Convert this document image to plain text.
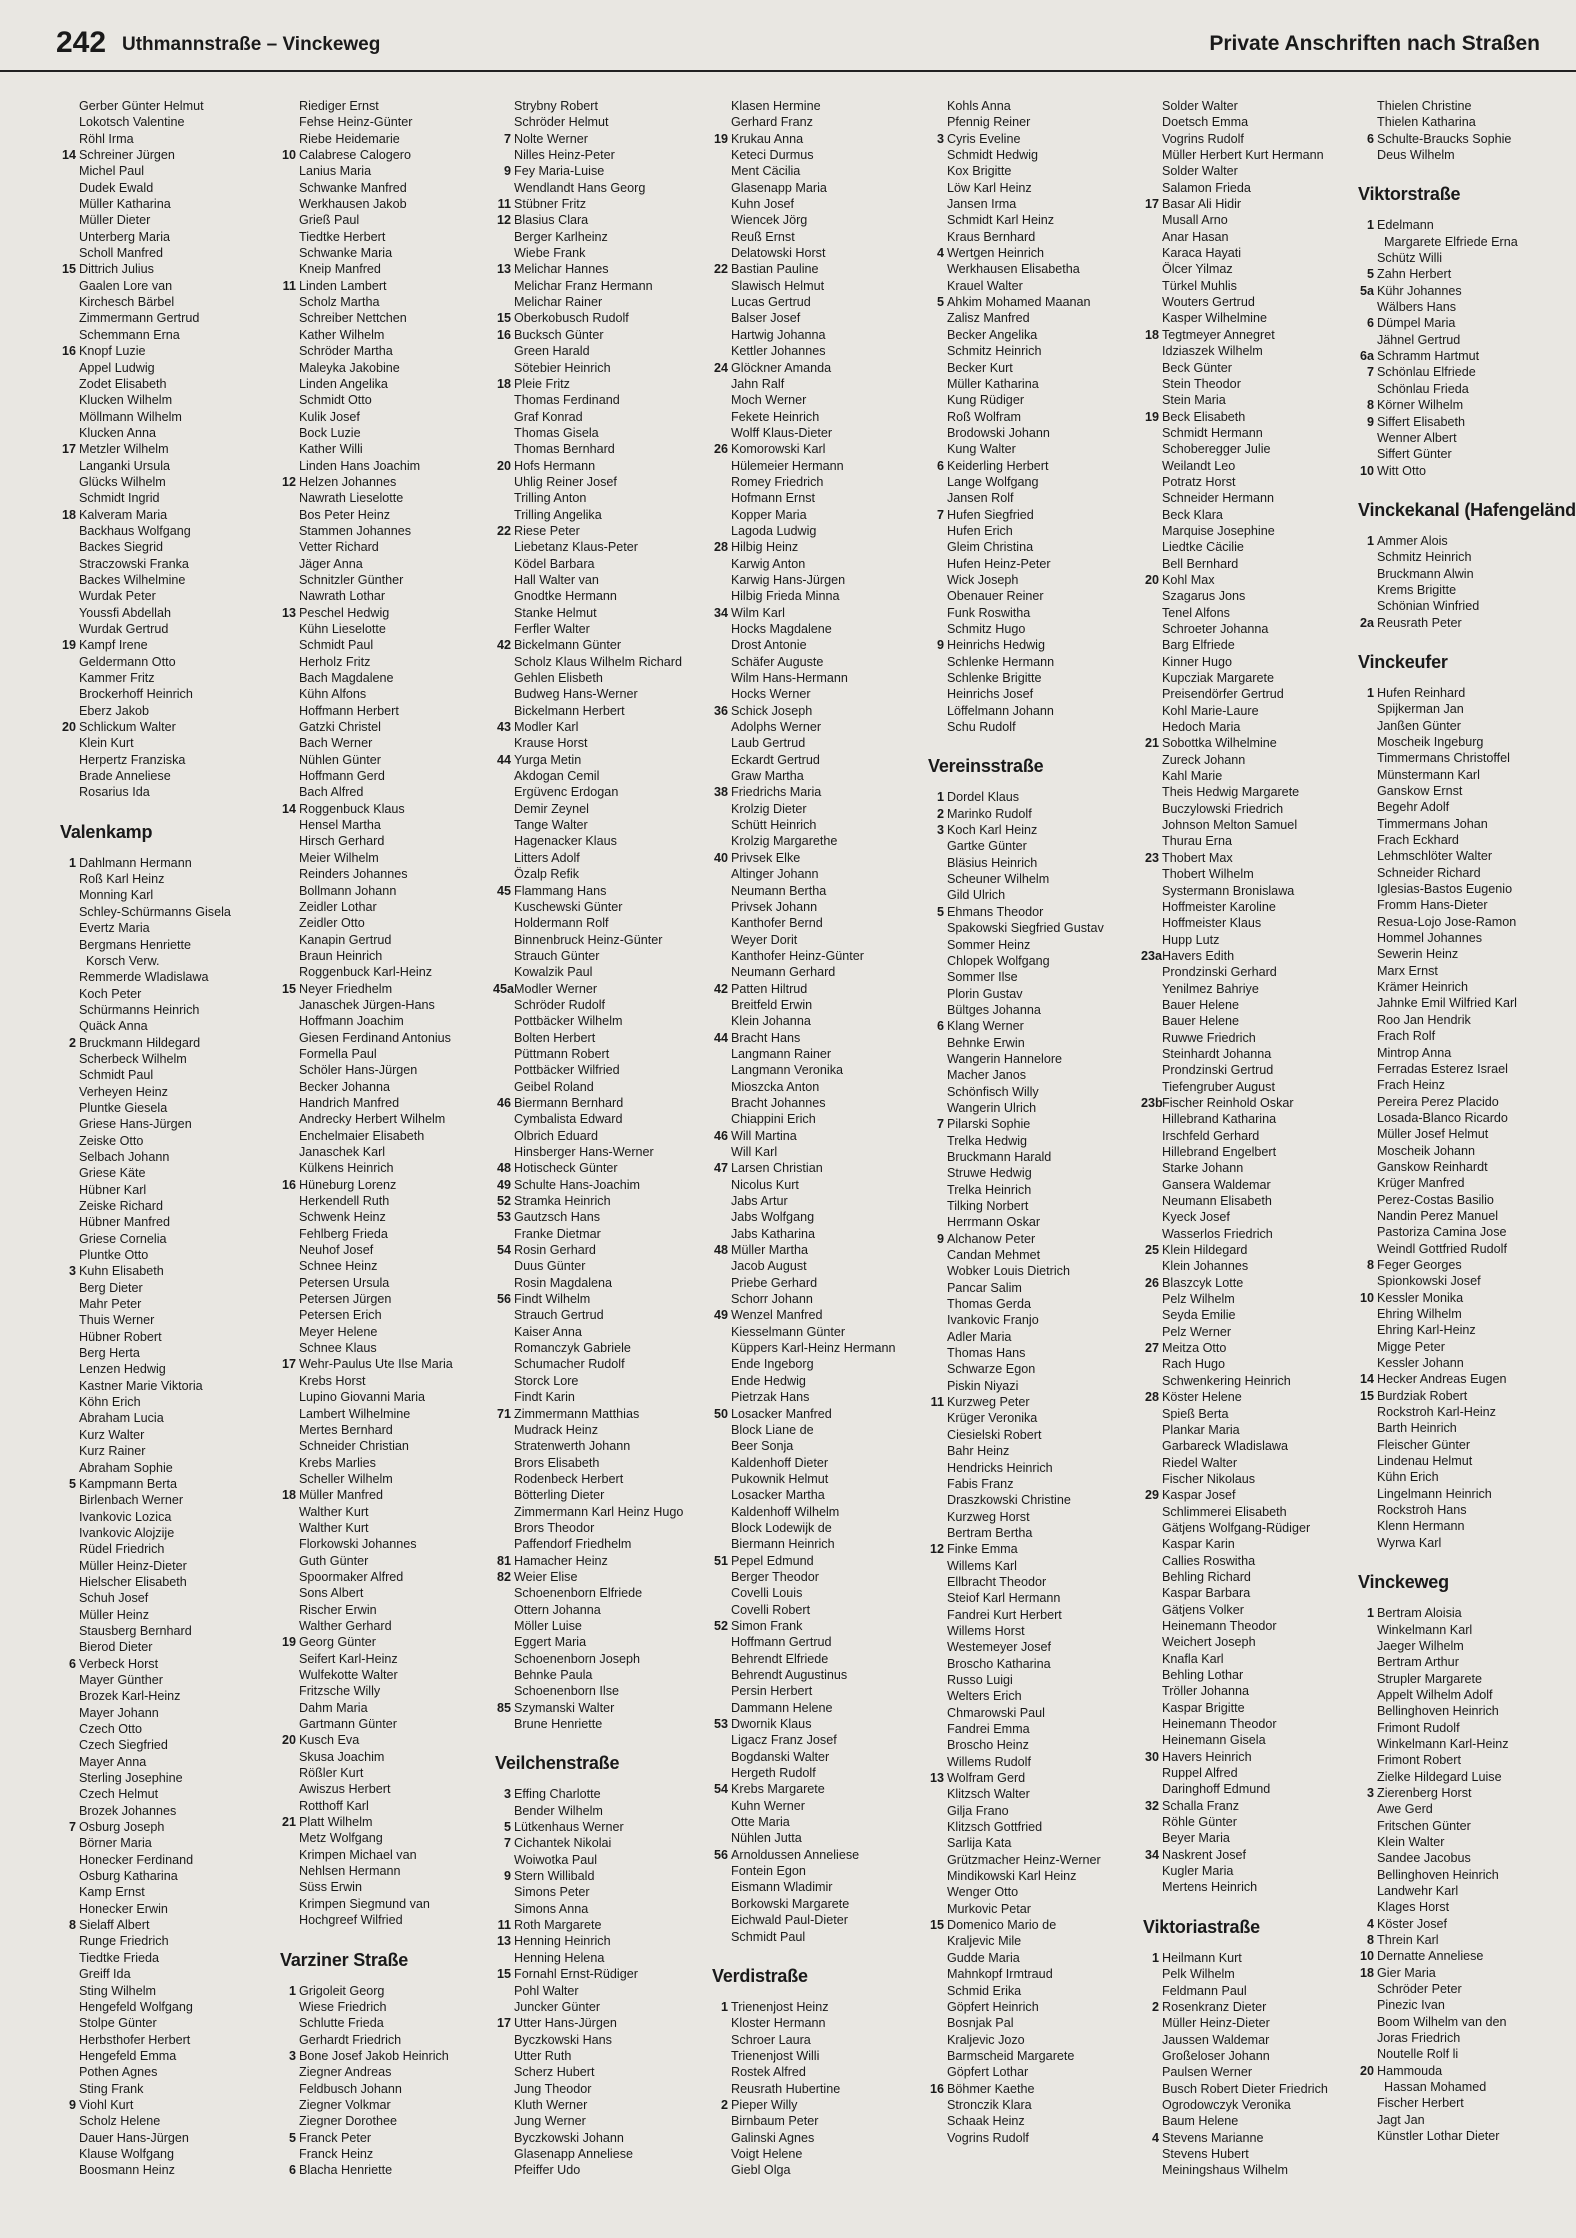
242 Uthmannstraße – Vinckeweg	Private Anschriften nach Straßen
Gerber Günter Helmut
Lokotsch Valentine
Röhl Irma
14 Schreiner Jürgen
Michel Paul
Dudek Ewald
Müller Katharina
Müller Dieter
Unterberg Maria
Scholl Manfred
15 Dittrich Julius
Gaalen Lore van
Kirchesch Bärbel
Zimmermann Gertrud
Schemmann Erna
16 Knopf Luzie
Appel Ludwig
Zodet Elisabeth
Klucken Wilhelm
Möllmann Wilhelm
Klucken Anna
17 Metzler Wilhelm
Langanki Ursula
Glücks Wilhelm
Schmidt Ingrid
18 Kalveram Maria
Backhaus Wolfgang
Backes Siegrid
Straczowski Franka
Backes Wilhelmine
Wurdak Peter
Youssfi Abdellah
Wurdak Gertrud
19 Kampf Irene
Geldermann Otto
Kammer Fritz
Brockerhoff Heinrich
Eberz Jakob
20 Schlickum Walter
Klein Kurt
Herpertz Franziska
Brade Anneliese
Rosarius Ida
Valenkamp
1 Dahlmann Hermann
Roß Karl Heinz
Monning Karl
Schley-Schürmanns Gisela
Evertz Maria
Bergmans Henriette
Korsch Verw.
Remmerde Wladislawa
Koch Peter
Schürmanns Heinrich
Quäck Anna
2 Bruckmann Hildegard
Scherbeck Wilhelm
Schmidt Paul
Verheyen Heinz
Pluntke Giesela
Griese Hans-Jürgen
Zeiske Otto
Selbach Johann
Griese Käte
Hübner Karl
Zeiske Richard
Hübner Manfred
Griese Cornelia
Pluntke Otto
3 Kuhn Elisabeth
Berg Dieter
Mahr Peter
Thuis Werner
Hübner Robert
Berg Herta
Lenzen Hedwig
Kastner Marie Viktoria
Köhn Erich
Abraham Lucia
Kurz Walter
Kurz Rainer
Abraham Sophie
5 Kampmann Berta
Birlenbach Werner
Ivankovic Lozica
Ivankovic Alojzije
Rüdel Friedrich
Müller Heinz-Dieter
Hielscher Elisabeth
Schuh Josef
Müller Heinz
Stausberg Bernhard
Bierod Dieter
6 Verbeck Horst
Mayer Günther
Brozek Karl-Heinz
Mayer Johann
Czech Otto
Czech Siegfried
Mayer Anna
Sterling Josephine
Czech Helmut
Brozek Johannes
7 Osburg Joseph
Börner Maria
Honecker Ferdinand
Osburg Katharina
Kamp Ernst
Honecker Erwin
8 Sielaff Albert
Runge Friedrich
Tiedtke Frieda
Greiff Ida
Sting Wilhelm
Hengefeld Wolfgang
Stolpe Günter
Herbsthofer Herbert
Hengefeld Emma
Pothen Agnes
Sting Frank
9 Viohl Kurt
Scholz Helene
Dauer Hans-Jürgen
Klause Wolfgang
Boosmann Heinz
Riediger Ernst
Fehse Heinz-Günter
Riebe Heidemarie
10 Calabrese Calogero
Lanius Maria
Schwanke Manfred
Werkhausen Jakob
Grieß Paul
Tiedtke Herbert
Schwanke Maria
Kneip Manfred
11 Linden Lambert
Scholz Martha
Schreiber Nettchen
Kather Wilhelm
Schröder Martha
Maleyka Jakobine
Linden Angelika
Schmidt Otto
Kulik Josef
Bock Luzie
Kather Willi
Linden Hans Joachim
12 Helzen Johannes
Nawrath Lieselotte
Bos Peter Heinz
Stammen Johannes
Vetter Richard
Jäger Anna
Schnitzler Günther
Nawrath Lothar
13 Peschel Hedwig
Kühn Lieselotte
Schmidt Paul
Herholz Fritz
Bach Magdalene
Kühn Alfons
Hoffmann Herbert
Gatzki Christel
Bach Werner
Nühlen Günter
Hoffmann Gerd
Bach Alfred
14 Roggenbuck Klaus
Hensel Martha
Hirsch Gerhard
Meier Wilhelm
Reinders Johannes
Bollmann Johann
Zeidler Lothar
Zeidler Otto
Kanapin Gertrud
Braun Heinrich
Roggenbuck Karl-Heinz
15 Neyer Friedhelm
Janaschek Jürgen-Hans
Hoffmann Joachim
Giesen Ferdinand Antonius
Formella Paul
Schöler Hans-Jürgen
Becker Johanna
Handrich Manfred
Andrecky Herbert Wilhelm
Enchelmaier Elisabeth
Janaschek Karl
Külkens Heinrich
16 Hüneburg Lorenz
Herkendell Ruth
Schwenk Heinz
Fehlberg Frieda
Neuhof Josef
Schnee Heinz
Petersen Ursula
Petersen Jürgen
Petersen Erich
Meyer Helene
Schnee Klaus
17 Wehr-Paulus Ute Ilse Maria
Krebs Horst
Lupino Giovanni Maria
Lambert Wilhelmine
Mertes Bernhard
Schneider Christian
Krebs Marlies
Scheller Wilhelm
18 Müller Manfred
Walther Kurt
Walther Kurt
Florkowski Johannes
Guth Günter
Spoormaker Alfred
Sons Albert
Rischer Erwin
Walther Gerhard
19 Georg Günter
Seifert Karl-Heinz
Wulfekotte Walter
Fritzsche Willy
Dahm Maria
Gartmann Günter
20 Kusch Eva
Skusa Joachim
Rößler Kurt
Awiszus Herbert
Rotthoff Karl
21 Platt Wilhelm
Metz Wolfgang
Krimpen Michael van
Nehlsen Hermann
Süss Erwin
Krimpen Siegmund van
Hochgreef Wilfried
Varziner Straße
1 Grigoleit Georg
Wiese Friedrich
Schlutte Frieda
Gerhardt Friedrich
3 Bone Josef Jakob Heinrich
Ziegner Andreas
Feldbusch Johann
Ziegner Volkmar
Ziegner Dorothee
5 Franck Peter
Franck Heinz
6 Blacha Henriette
Strybny Robert
Schröder Helmut
7 Nolte Werner
Nilles Heinz-Peter
9 Fey Maria-Luise
Wendlandt Hans Georg
11 Stübner Fritz
12 Blasius Clara
Berger Karlheinz
Wiebe Frank
13 Melichar Hannes
Melichar Franz Hermann
Melichar Rainer
15 Oberkobusch Rudolf
16 Bucksch Günter
Green Harald
Sötebier Heinrich
18 Pleie Fritz
Thomas Ferdinand
Graf Konrad
Thomas Gisela
Thomas Bernhard
20 Hofs Hermann
Uhlig Reiner Josef
Trilling Anton
Trilling Angelika
22 Riese Peter
Liebetanz Klaus-Peter
Ködel Barbara
Hall Walter van
Gnodtke Hermann
Stanke Helmut
Ferfler Walter
42 Bickelmann Günter
Scholz Klaus Wilhelm Richard
Gehlen Elisbeth
Budweg Hans-Werner
Bickelmann Herbert
43 Modler Karl
Krause Horst
44 Yurga Metin
Akdogan Cemil
Ergüvenc Erdogan
Demir Zeynel
Tange Walter
Hagenacker Klaus
Litters Adolf
Özalp Refik
45 Flammang Hans
Kuschewski Günter
Holdermann Rolf
Binnenbruck Heinz-Günter
Strauch Günter
Kowalzik Paul
45aModler Werner
Schröder Rudolf
Pottbäcker Wilhelm
Bolten Herbert
Püttmann Robert
Pottbäcker Wilfried
Geibel Roland
46 Biermann Bernhard
Cymbalista Edward
Olbrich Eduard
Hinsberger Hans-Werner
48 Hotischeck Günter
49 Schulte Hans-Joachim
52 Stramka Heinrich
53 Gautzsch Hans
Franke Dietmar
54 Rosin Gerhard
Duus Günter
Rosin Magdalena
56 Findt Wilhelm
Strauch Gertrud
Kaiser Anna
Romanczyk Gabriele
Schumacher Rudolf
Storck Lore
Findt Karin
71 Zimmermann Matthias
Mudrack Heinz
Stratenwerth Johann
Brors Elisabeth
Rodenbeck Herbert
Bötterling Dieter
Zimmermann Karl Heinz Hugo
Brors Theodor
Paffendorf Friedhelm
81 Hamacher Heinz
82 Weier Elise
Schoenenborn Elfriede
Ottern Johanna
Möller Luise
Eggert Maria
Schoenenborn Joseph
Behnke Paula
Schoenenborn Ilse
85 Szymanski Walter
Brune Henriette
Veilchenstraße
3 Effing Charlotte
Bender Wilhelm
5 Lütkenhaus Werner
7 Cichantek Nikolai
Woiwotka Paul
9 Stern Willibald
Simons Peter
Simons Anna
11 Roth Margarete
13 Henning Heinrich
Henning Helena
15 Fornahl Ernst-Rüdiger
Pohl Walter
Juncker Günter
17 Utter Hans-Jürgen
Byczkowski Hans
Utter Ruth
Scherz Hubert
Jung Theodor
Kluth Werner
Jung Werner
Byczkowski Johann
Glasenapp Anneliese
Pfeiffer Udo
Klasen Hermine
Gerhard Franz
19 Krukau Anna
Keteci Durmus
Ment Cäcilia
Glasenapp Maria
Kuhn Josef
Wiencek Jörg
Reuß Ernst
Delatowski Horst
22 Bastian Pauline
Slawisch Helmut
Lucas Gertrud
Balser Josef
Hartwig Johanna
Kettler Johannes
24 Glöckner Amanda
Jahn Ralf
Moch Werner
Fekete Heinrich
Wolff Klaus-Dieter
26 Komorowski Karl
Hülemeier Hermann
Romey Friedrich
Hofmann Ernst
Kopper Maria
Lagoda Ludwig
28 Hilbig Heinz
Karwig Anton
Karwig Hans-Jürgen
Hilbig Frieda Minna
34 Wilm Karl
Hocks Magdalene
Drost Antonie
Schäfer Auguste
Wilm Hans-Hermann
Hocks Werner
36 Schick Joseph
Adolphs Werner
Laub Gertrud
Eckardt Gertrud
Graw Martha
38 Friedrichs Maria
Krolzig Dieter
Schütt Heinrich
Krolzig Margarethe
40 Privsek Elke
Altinger Johann
Neumann Bertha
Privsek Johann
Kanthofer Bernd
Weyer Dorit
Kanthofer Heinz-Günter
Neumann Gerhard
42 Patten Hiltrud
Breitfeld Erwin
Klein Johanna
44 Bracht Hans
Langmann Rainer
Langmann Veronika
Mioszcka Anton
Bracht Johannes
Chiappini Erich
46 Will Martina
Will Karl
47 Larsen Christian
Nicolus Kurt
Jabs Artur
Jabs Wolfgang
Jabs Katharina
48 Müller Martha
Jacob August
Priebe Gerhard
Schorr Johann
49 Wenzel Manfred
Kiesselmann Günter
Küppers Karl-Heinz Hermann
Ende Ingeborg
Ende Hedwig
Pietrzak Hans
50 Losacker Manfred
Block Liane de
Beer Sonja
Kaldenhoff Dieter
Pukownik Helmut
Losacker Martha
Kaldenhoff Wilhelm
Block Lodewijk de
Biermann Heinrich
51 Pepel Edmund
Berger Theodor
Covelli Louis
Covelli Robert
52 Simon Frank
Hoffmann Gertrud
Behrendt Elfriede
Behrendt Augustinus
Persin Herbert
Dammann Helene
53 Dwornik Klaus
Ligacz Franz Josef
Bogdanski Walter
Hergeth Rudolf
54 Krebs Margarete
Kuhn Werner
Otte Maria
Nühlen Jutta
56 Arnoldussen Anneliese
Fontein Egon
Eismann Wladimir
Borkowski Margarete
Eichwald Paul-Dieter
Schmidt Paul
Verdistraße
1 Trienenjost Heinz
Kloster Hermann
Schroer Laura
Trienenjost Willi
Rostek Alfred
Reusrath Hubertine
2 Pieper Willy
Birnbaum Peter
Galinski Agnes
Voigt Helene
Giebl Olga
Kohls Anna
Pfennig Reiner
3 Cyris Eveline
Schmidt Hedwig
Kox Brigitte
Löw Karl Heinz
Jansen Irma
Schmidt Karl Heinz
Kraus Bernhard
4 Wertgen Heinrich
Werkhausen Elisabetha
Krauel Walter
5 Ahkim Mohamed Maanan
Zalisz Manfred
Becker Angelika
Schmitz Heinrich
Becker Kurt
Müller Katharina
Kung Rüdiger
Roß Wolfram
Brodowski Johann
Kung Walter
6 Keiderling Herbert
Lange Wolfgang
Jansen Rolf
7 Hufen Siegfried
Hufen Erich
Gleim Christina
Hufen Heinz-Peter
Wick Joseph
Obenauer Reiner
Funk Roswitha
Schmitz Hugo
9 Heinrichs Hedwig
Schlenke Hermann
Schlenke Brigitte
Heinrichs Josef
Löffelmann Johann
Schu Rudolf
Vereinsstraße
1 Dordel Klaus
2 Marinko Rudolf
3 Koch Karl Heinz
Gartke Günter
Bläsius Heinrich
Scheuner Wilhelm
Gild Ulrich
5 Ehmans Theodor
Spakowski Siegfried Gustav
Sommer Heinz
Chlopek Wolfgang
Sommer Ilse
Plorin Gustav
Bültges Johanna
6 Klang Werner
Behnke Erwin
Wangerin Hannelore
Macher Janos
Schönfisch Willy
Wangerin Ulrich
7 Pilarski Sophie
Trelka Hedwig
Bruckmann Harald
Struwe Hedwig
Trelka Heinrich
Tilking Norbert
Herrmann Oskar
9 Alchanow Peter
Candan Mehmet
Wobker Louis Dietrich
Pancar Salim
Thomas Gerda
Ivankovic Franjo
Adler Maria
Thomas Hans
Schwarze Egon
Piskin Niyazi
11 Kurzweg Peter
Krüger Veronika
Ciesielski Robert
Bahr Heinz
Hendricks Heinrich
Fabis Franz
Draszkowski Christine
Kurzweg Horst
Bertram Bertha
12 Finke Emma
Willems Karl
Ellbracht Theodor
Steiof Karl Hermann
Fandrei Kurt Herbert
Willems Horst
Westemeyer Josef
Broscho Katharina
Russo Luigi
Welters Erich
Chmarowski Paul
Fandrei Emma
Broscho Heinz
Willems Rudolf
13 Wolfram Gerd
Klitzsch Walter
Gilja Frano
Klitzsch Gottfried
Sarlija Kata
Grützmacher Heinz-Werner
Mindikowski Karl Heinz
Wenger Otto
Murkovic Petar
15 Domenico Mario de
Kraljevic Mile
Gudde Maria
Mahnkopf Irmtraud
Schmid Erika
Göpfert Heinrich
Bosnjak Pal
Kraljevic Jozo
Barmscheid Margarete
Göpfert Lothar
16 Böhmer Kaethe
Stronczik Klara
Schaak Heinz
Vogrins Rudolf
Solder Walter
Doetsch Emma
Vogrins Rudolf
Müller Herbert Kurt Hermann
Solder Walter
Salamon Frieda
17 Basar Ali Hidir
Musall Arno
Anar Hasan
Karaca Hayati
Ölcer Yilmaz
Türkel Muhlis
Wouters Gertrud
Kasper Wilhelmine
18 Tegtmeyer Annegret
Idziaszek Wilhelm
Beck Günter
Stein Theodor
Stein Maria
19 Beck Elisabeth
Schmidt Hermann
Schoberegger Julie
Weilandt Leo
Potratz Horst
Schneider Hermann
Beck Klara
Marquise Josephine
Liedtke Cäcilie
Bell Bernhard
20 Kohl Max
Szagarus Jons
Tenel Alfons
Schroeter Johanna
Barg Elfriede
Kinner Hugo
Kupcziak Margarete
Preisendörfer Gertrud
Kohl Marie-Laure
Hedoch Maria
21 Sobottka Wilhelmine
Zureck Johann
Kahl Marie
Theis Hedwig Margarete
Buczylowski Friedrich
Johnson Melton Samuel
Thurau Erna
23 Thobert Max
Thobert Wilhelm
Systermann Bronislawa
Hoffmeister Karoline
Hoffmeister Klaus
Hupp Lutz
23aHavers Edith
Prondzinski Gerhard
Yenilmez Bahriye
Bauer Helene
Bauer Helene
Ruwwe Friedrich
Steinhardt Johanna
Prondzinski Gertrud
Tiefengruber August
23bFischer Reinhold Oskar
Hillebrand Katharina
Irschfeld Gerhard
Hillebrand Engelbert
Starke Johann
Gansera Waldemar
Neumann Elisabeth
Kyeck Josef
Wasserlos Friedrich
25 Klein Hildegard
Klein Johannes
26 Blaszcyk Lotte
Pelz Wilhelm
Seyda Emilie
Pelz Werner
27 Meitza Otto
Rach Hugo
Schwenkering Heinrich
28 Köster Helene
Spieß Berta
Plankar Maria
Garbareck Wladislawa
Riedel Walter
Fischer Nikolaus
29 Kaspar Josef
Schlimmerei Elisabeth
Gätjens Wolfgang-Rüdiger
Kaspar Karin
Callies Roswitha
Behling Richard
Kaspar Barbara
Gätjens Volker
Heinemann Theodor
Weichert Joseph
Knafla Karl
Behling Lothar
Tröller Johanna
Kaspar Brigitte
Heinemann Theodor
Heinemann Gisela
30 Havers Heinrich
Ruppel Alfred
Daringhoff Edmund
32 Schalla Franz
Röhle Günter
Beyer Maria
34 Naskrent Josef
Kugler Maria
Mertens Heinrich
Viktoriastraße
1 Heilmann Kurt
Pelk Wilhelm
Feldmann Paul
2 Rosenkranz Dieter
Müller Heinz-Dieter
Jaussen Waldemar
Großeloser Johann
Paulsen Werner
Busch Robert Dieter Friedrich
Ogrodowczyk Veronika
Baum Helene
4 Stevens Marianne
Stevens Hubert
Meiningshaus Wilhelm
Thielen Christine
Thielen Katharina
6 Schulte-Braucks Sophie
Deus Wilhelm
Viktorstraße
1 Edelmann
Margarete Elfriede Erna
Schütz Willi
5 Zahn Herbert
5a Kühr Johannes
Wälbers Hans
6 Dümpel Maria
Jähnel Gertrud
6a Schramm Hartmut
7 Schönlau Elfriede
Schönlau Frieda
8 Körner Wilhelm
9 Siffert Elisabeth
Wenner Albert
Siffert Günter
10 Witt Otto
Vinckekanal (Hafengeländ
1 Ammer Alois
Schmitz Heinrich
Bruckmann Alwin
Krems Brigitte
Schönian Winfried
2a Reusrath Peter
Vinckeufer
1 Hufen Reinhard
Spijkerman Jan
Janßen Günter
Moscheik Ingeburg
Timmermans Christoffel
Münstermann Karl
Ganskow Ernst
Begehr Adolf
Timmermans Johan
Frach Eckhard
Lehmschlöter Walter
Schneider Richard
Iglesias-Bastos Eugenio
Fromm Hans-Dieter
Resua-Lojo Jose-Ramon
Hommel Johannes
Sewerin Heinz
Marx Ernst
Krämer Heinrich
Jahnke Emil Wilfried Karl
Roo Jan Hendrik
Frach Rolf
Mintrop Anna
Ferradas Esterez Israel
Frach Heinz
Pereira Perez Placido
Losada-Blanco Ricardo
Müller Josef Helmut
Moscheik Johann
Ganskow Reinhardt
Krüger Manfred
Perez-Costas Basilio
Nandin Perez Manuel
Pastoriza Camina Jose
Weindl Gottfried Rudolf
8 Feger Georges
Spionkowski Josef
10 Kessler Monika
Ehring Wilhelm
Ehring Karl-Heinz
Migge Peter
Kessler Johann
14 Hecker Andreas Eugen
15 Burdziak Robert
Rockstroh Karl-Heinz
Barth Heinrich
Fleischer Günter
Lindenau Helmut
Kühn Erich
Lingelmann Heinrich
Rockstroh Hans
Klenn Hermann
Wyrwa Karl
Vinckeweg
1 Bertram Aloisia
Winkelmann Karl
Jaeger Wilhelm
Bertram Arthur
Strupler Margarete
Appelt Wilhelm Adolf
Bellinghoven Heinrich
Frimont Rudolf
Winkelmann Karl-Heinz
Frimont Robert
Zielke Hildegard Luise
3 Zierenberg Horst
Awe Gerd
Fritschen Günter
Klein Walter
Sandee Jacobus
Bellinghoven Heinrich
Landwehr Karl
Klages Horst
4 Köster Josef
8 Threin Karl
10 Dernatte Anneliese
18 Gier Maria
Schröder Peter
Pinezic Ivan
Boom Wilhelm van den
Joras Friedrich
Noutelle Rolf li
20 Hammouda
Hassan Mohamed
Fischer Herbert
Jagt Jan
Künstler Lothar Dieter
